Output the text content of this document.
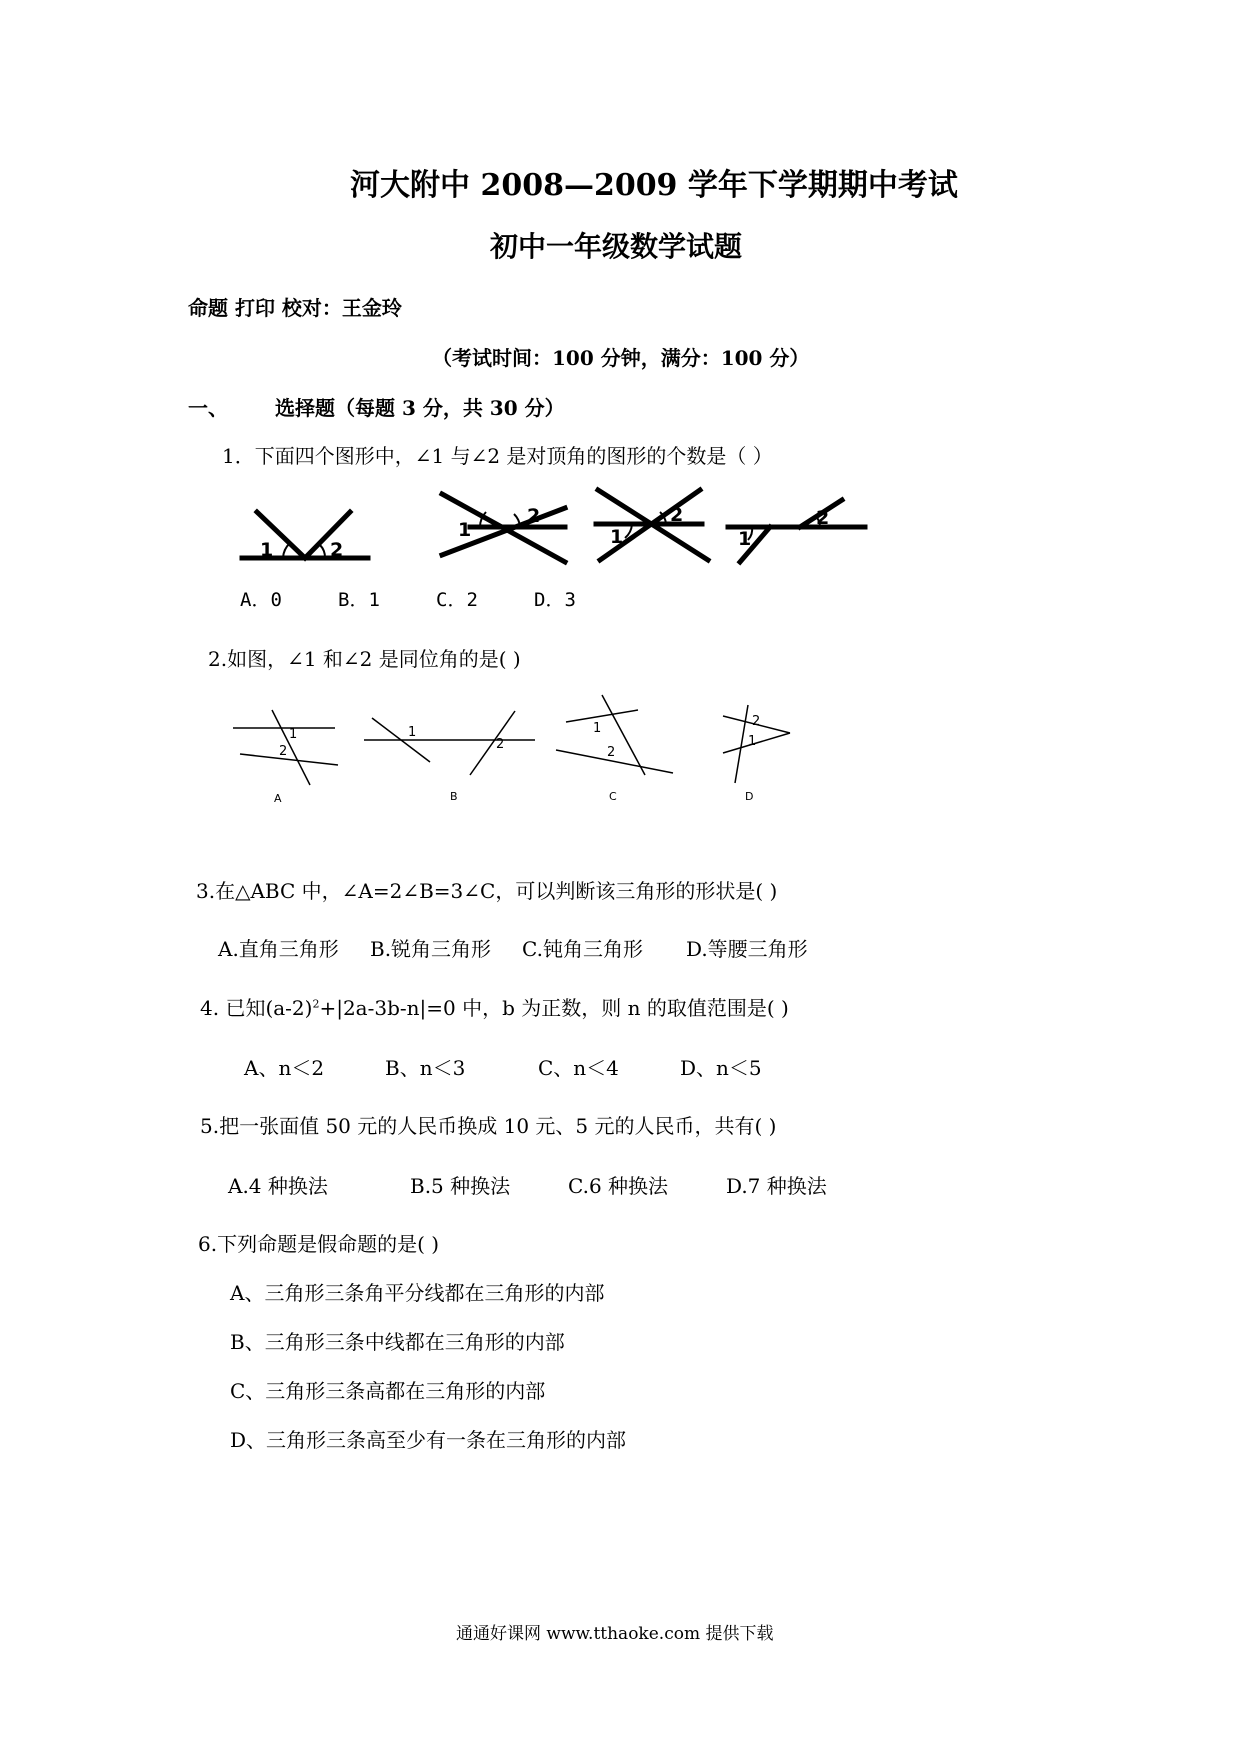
河大附中 2008—2009 学年下学期期中考试
初中一年级数学试题
命题 打印 校对：王金玲
（考试时间：100 分钟，满分：100 分）
一、 选择题（每题 3 分，共 30 分）
1．下面四个图形中，∠1 与∠2 是对顶角的图形的个数是（ ）
1	2
1
2
1
2
1
2
A．0	B．1	C．2	D．3
2.如图，∠1 和∠2 是同位角的是( )
1
2
1
2
1
2
2
1
A	B	C	D
3.在△ABC 中，∠A=2∠B=3∠C，可以判断该三角形的形状是( )
A.直角三角形 B.锐角三角形 C.钝角三角形 D.等腰三角形
4. 已知$(a-2)^2+|2a-3b-n|=0$ 中，b 为正数，则 n 的取值范围是( )
A、n＜2	B、n＜3	C、n＜4	D、n＜5
5.把一张面值 50 元的人民币换成 10 元、5 元的人民币，共有( )
A.4 种换法	B.5 种换法	C.6 种换法	D.7 种换法
6.下列命题是假命题的是( )
A、三角形三条角平分线都在三角形的内部
B、三角形三条中线都在三角形的内部
C、三角形三条高都在三角形的内部
D、三角形三条高至少有一条在三角形的内部
通通好课网 www.tthaoke.com 提供下载
